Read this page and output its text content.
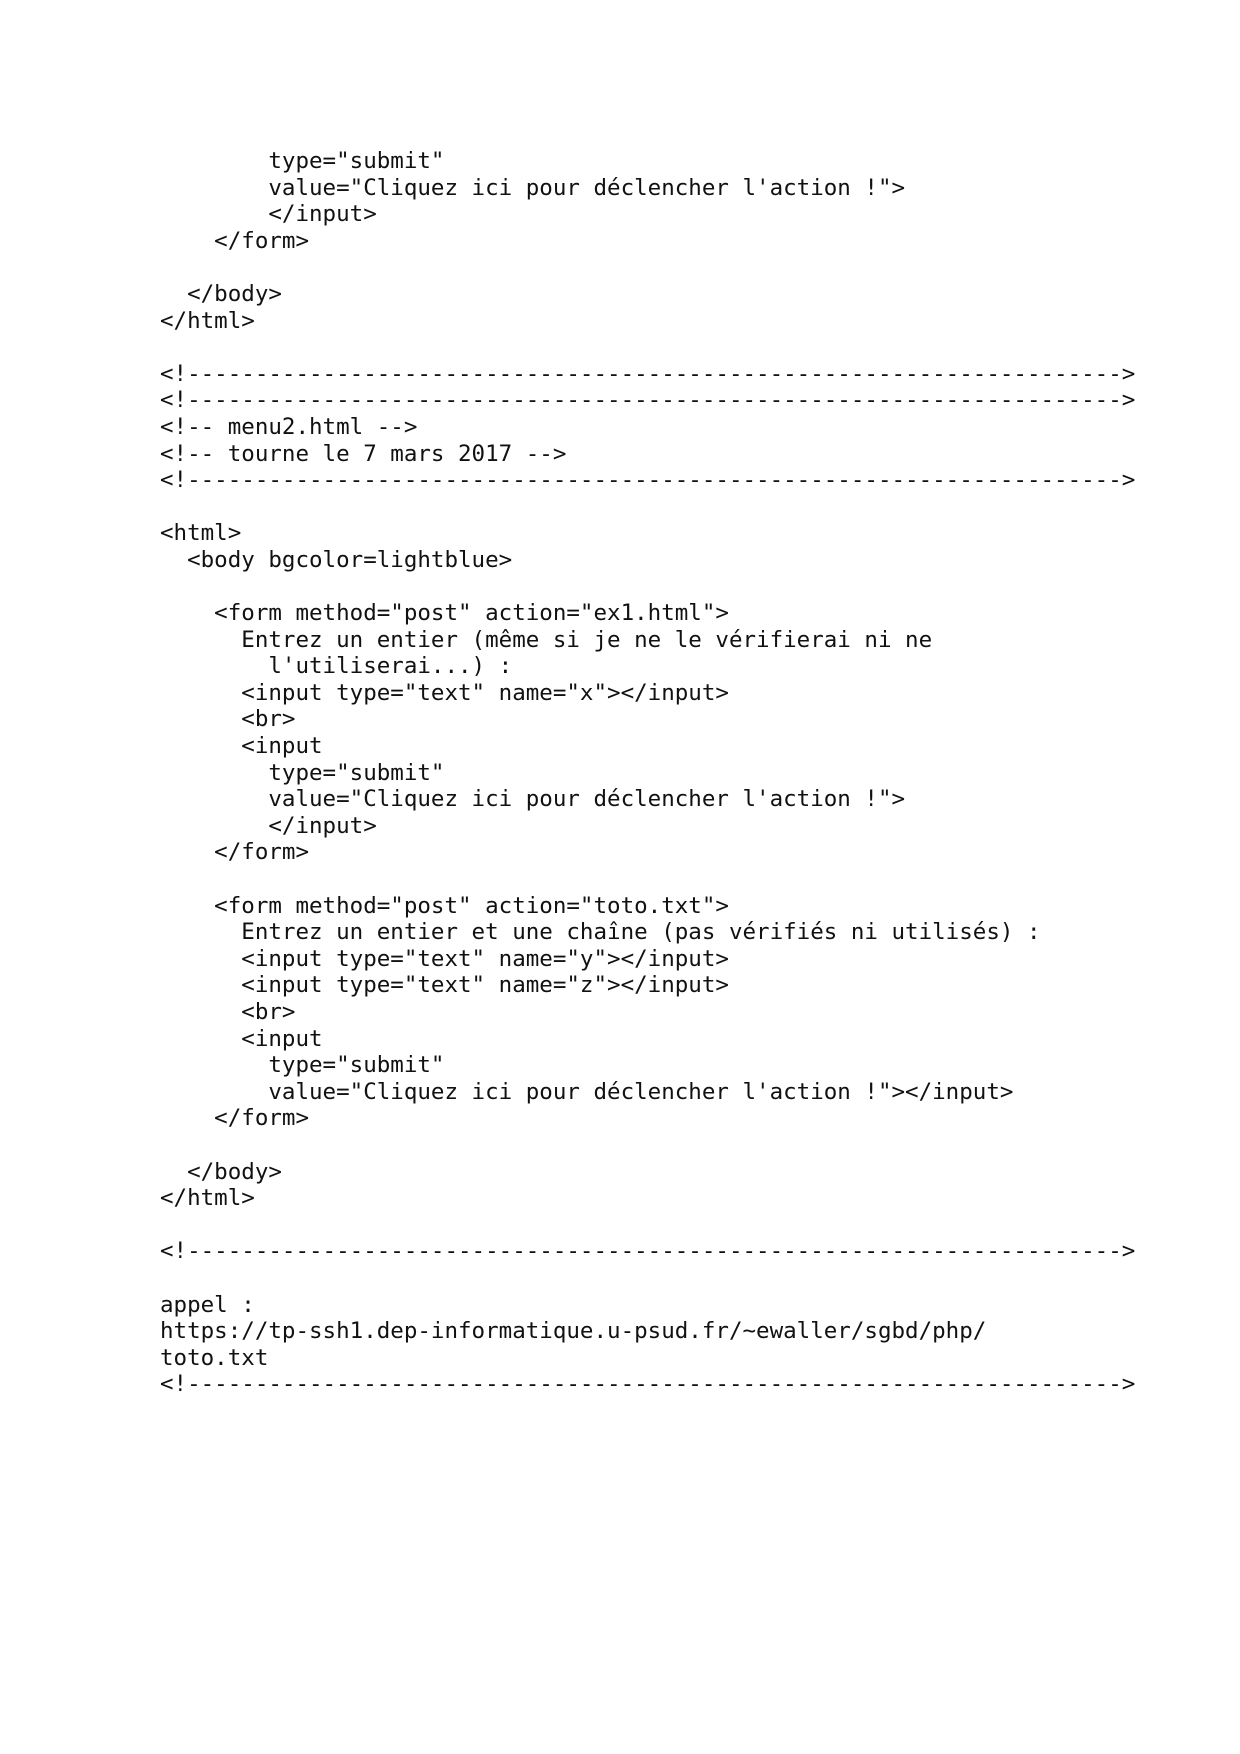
type="submit"
value="Cliquez ici pour déclencher l'action !">
</input>
</form>
</body>
</html>
<!--------------------------------------------------------------------->
<!--------------------------------------------------------------------->
<!-- menu2.html -->
<!-- tourne le 7 mars 2017 -->
<!--------------------------------------------------------------------->
<html>
<body bgcolor=lightblue>
<form method="post" action="ex1.html">
Entrez un entier (même si je ne le vérifierai ni ne
l'utiliserai...) :
<input type="text" name="x"></input>
<br>
<input
type="submit"
value="Cliquez ici pour déclencher l'action !">
</input>
</form>
<form method="post" action="toto.txt">
Entrez un entier et une chaîne (pas vérifiés ni utilisés) :
<input type="text" name="y"></input>
<input type="text" name="z"></input>
<br>
<input
type="submit"
value="Cliquez ici pour déclencher l'action !"></input>
</form>
</body>
</html>
<!--------------------------------------------------------------------->
appel :
https://tp-ssh1.dep-informatique.u-psud.fr/~ewaller/sgbd/php/
toto.txt
<!--------------------------------------------------------------------->
